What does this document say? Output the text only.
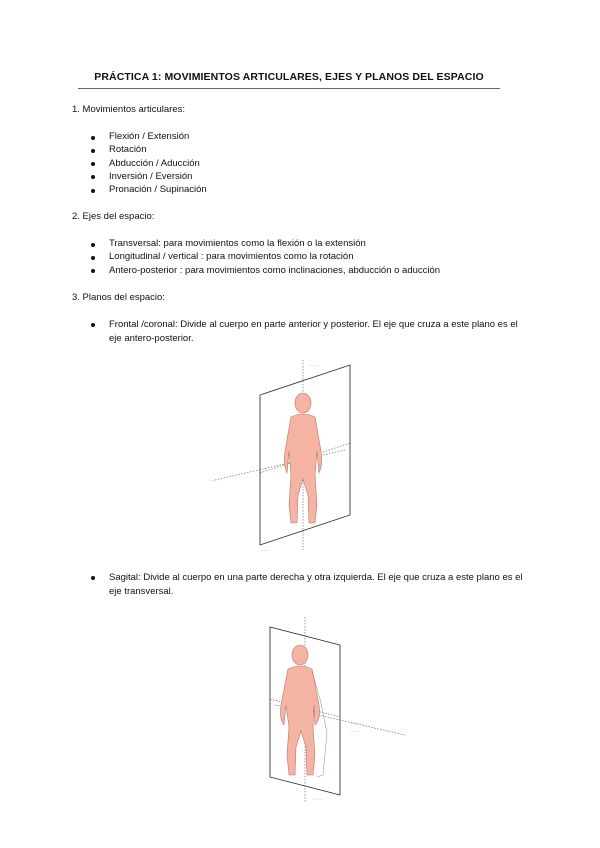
PRÁCTICA 1: MOVIMIENTOS ARTICULARES, EJES Y PLANOS DEL ESPACIO
1. Movimientos articulares:
Flexión / Extensión
Rotación
Abducción / Aducción
Inversión / Eversión
Pronación / Supinación
2. Ejes del espacio:
Transversal: para movimientos como la flexión o la extensión
Longitudinal / vertical : para movimientos como la rotación
Antero-posterior : para movimientos como inclinaciones, abducción o aducción
3. Planos del espacio:
Frontal /coronal: Divide al cuerpo en parte anterior y posterior. El eje que cruza a este plano es el eje antero-posterior.
· · · · · ·
· · · · ·
· · · · ·
Sagital: Divide al cuerpo en una parte derecha y otra izquierda. El eje que cruza a este plano es el eje transversal.
· · · · · ·
· · · · ·
· · · · ·
